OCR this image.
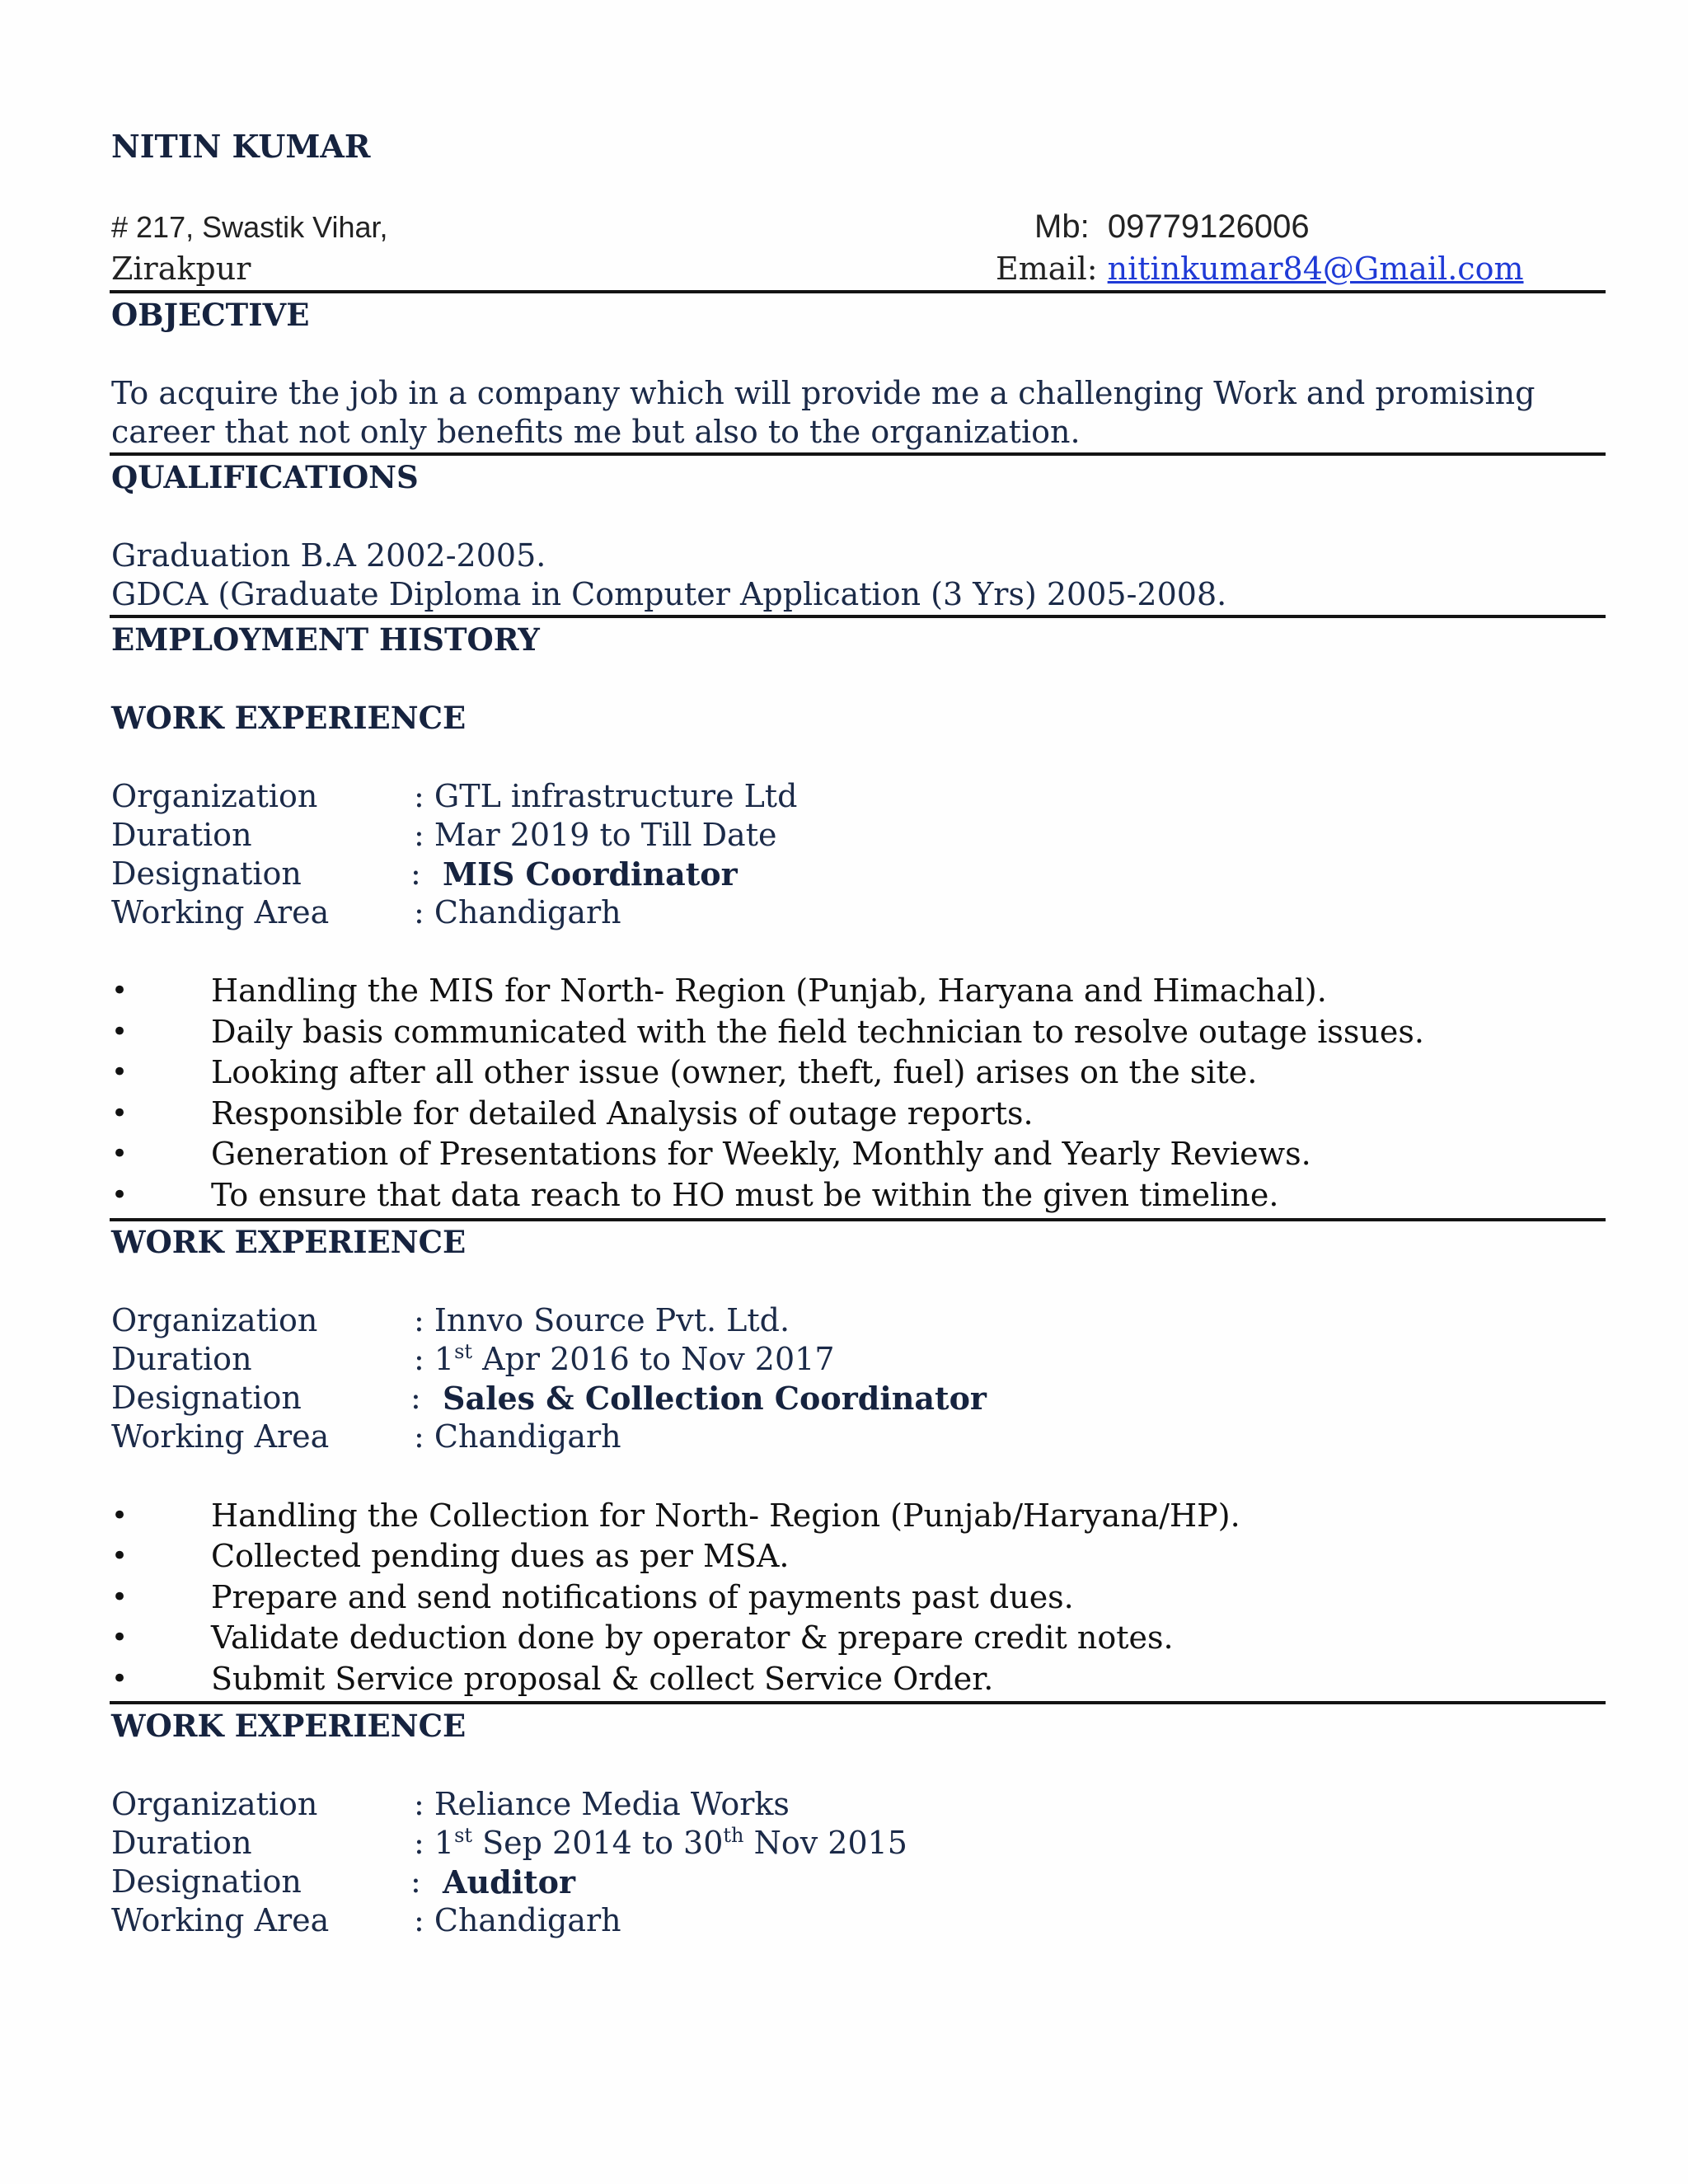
NITIN KUMAR
# 217, Swastik Vihar,
Zirakpur
Mb: 09779126006
Email: nitinkumar84@Gmail.com
OBJECTIVE
To acquire the job in a company which will provide me a challenging Work and promising
career that not only benefits me but also to the organization.
QUALIFICATIONS
Graduation B.A 2002-2005.
GDCA (Graduate Diploma in Computer Application (3 Yrs) 2005-2008.
EMPLOYMENT HISTORY
WORK EXPERIENCE
Organization	: GTL infrastructure Ltd
Duration	: Mar 2019 to Till Date
Designation	: MIS Coordinator
Working Area	: Chandigarh
•	Handling the MIS for North- Region (Punjab, Haryana and Himachal).
•	Daily basis communicated with the field technician to resolve outage issues.
•	Looking after all other issue (owner, theft, fuel) arises on the site.
•	Responsible for detailed Analysis of outage reports.
•	Generation of Presentations for Weekly, Monthly and Yearly Reviews.
•	To ensure that data reach to HO must be within the given timeline.
WORK EXPERIENCE
Organization	: Innvo Source Pvt. Ltd.
Duration	: 1st Apr 2016 to Nov 2017
Designation	: Sales & Collection Coordinator
Working Area	: Chandigarh
•	Handling the Collection for North- Region (Punjab/Haryana/HP).
•	Collected pending dues as per MSA.
•	Prepare and send notifications of payments past dues.
•	Validate deduction done by operator & prepare credit notes.
•	Submit Service proposal & collect Service Order.
WORK EXPERIENCE
Organization	: Reliance Media Works
Duration	: 1st Sep 2014 to 30th Nov 2015
Designation	: Auditor
Working Area	: Chandigarh
